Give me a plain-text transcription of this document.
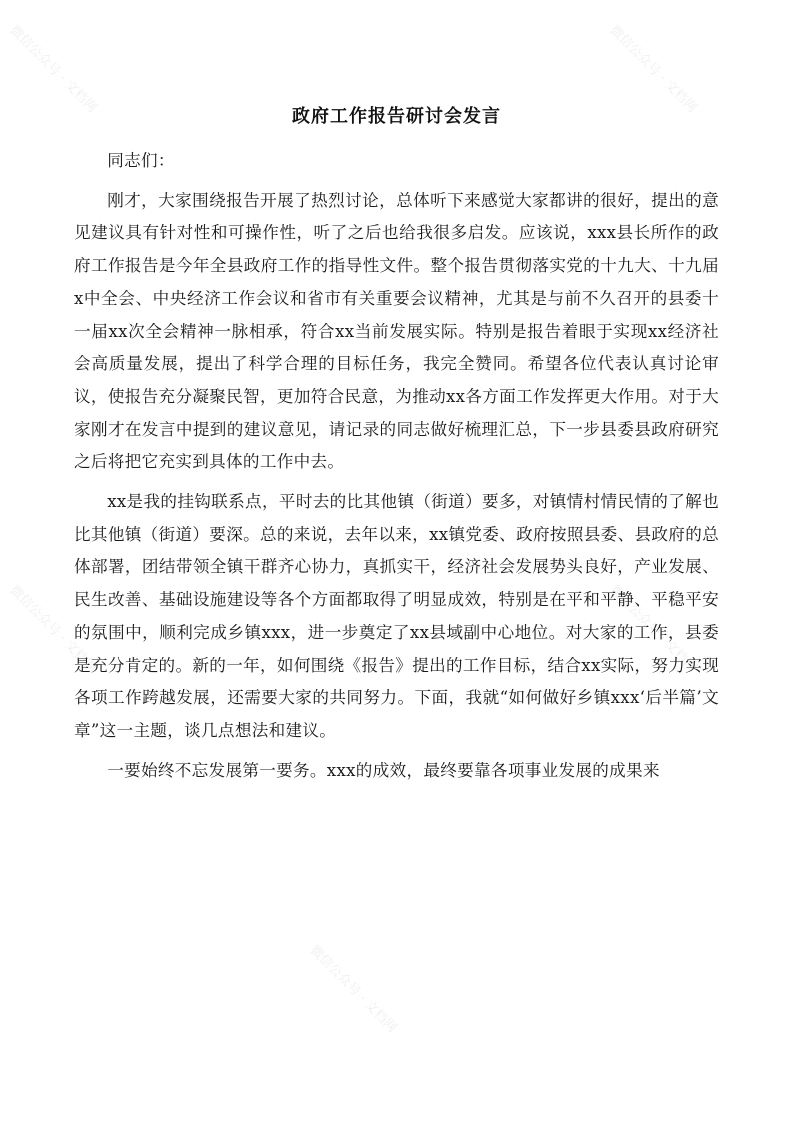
微信公众号 · 文档网	微信公众号 · 文档网
微信公众号 · 文档网	微信公众号 · 文档网
微信公众号 · 文档网
政府工作报告研讨会发言

同志们：

刚才，大家围绕报告开展了热烈讨论，总体听下来感觉大家都讲的很好，提出的意见建议具有针对性和可操作性，听了之后也给我很多启发。应该说，xxx县长所作的政府工作报告是今年全县政府工作的指导性文件。整个报告贯彻落实党的十九大、十九届x中全会、中央经济工作会议和省市有关重要会议精神，尤其是与前不久召开的县委十一届xx次全会精神一脉相承，符合xx当前发展实际。特别是报告着眼于实现xx经济社会高质量发展，提出了科学合理的目标任务，我完全赞同。希望各位代表认真讨论审议，使报告充分凝聚民智，更加符合民意，为推动xx各方面工作发挥更大作用。对于大家刚才在发言中提到的建议意见，请记录的同志做好梳理汇总，下一步县委县政府研究之后将把它充实到具体的工作中去。

xx是我的挂钩联系点，平时去的比其他镇（街道）要多，对镇情村情民情的了解也比其他镇（街道）要深。总的来说，去年以来，xx镇党委、政府按照县委、县政府的总体部署，团结带领全镇干群齐心协力，真抓实干，经济社会发展势头良好，产业发展、民生改善、基础设施建设等各个方面都取得了明显成效，特别是在平和平静、平稳平安的氛围中，顺利完成乡镇xxx，进一步奠定了xx县域副中心地位。对大家的工作，县委是充分肯定的。新的一年，如何围绕《报告》提出的工作目标，结合xx实际，努力实现各项工作跨越发展，还需要大家的共同努力。下面，我就“如何做好乡镇xxx‘后半篇’文章”这一主题，谈几点想法和建议。

一要始终不忘发展第一要务。xxx的成效，最终要靠各项事业发展的成果来
